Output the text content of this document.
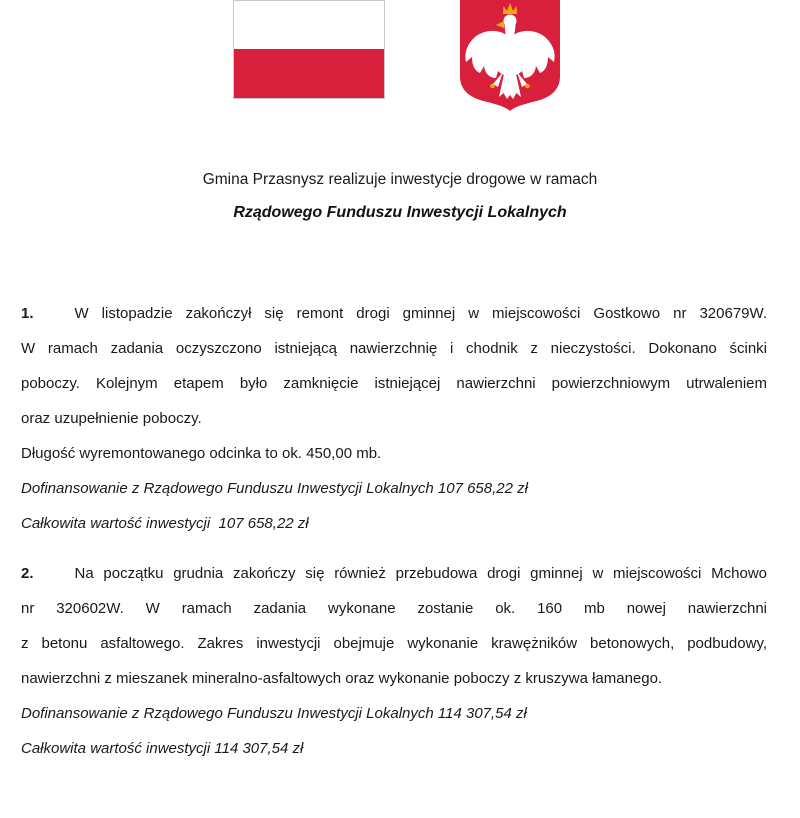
Gmina Przasnysz realizuje inwestycje drogowe w ramach
Rządowego Funduszu Inwestycji Lokalnych
1.	W listopadzie zakończył się remont drogi gminnej w miejscowości Gostkowo nr 320679W.
W ramach zadania oczyszczono istniejącą nawierzchnię i chodnik z nieczystości. Dokonano ścinki
poboczy. Kolejnym etapem było zamknięcie istniejącej nawierzchni powierzchniowym utrwaleniem
oraz uzupełnienie poboczy.
Długość wyremontowanego odcinka to ok. 450,00 mb.
Dofinansowanie z Rządowego Funduszu Inwestycji Lokalnych 107 658,22 zł
Całkowita wartość inwestycji  107 658,22 zł
2.	Na początku grudnia zakończy się również przebudowa drogi gminnej w miejscowości Mchowo
nr 320602W. W ramach zadania wykonane zostanie ok. 160 mb nowej nawierzchni
z betonu asfaltowego. Zakres inwestycji obejmuje wykonanie krawężników betonowych, podbudowy,
nawierzchni z mieszanek mineralno-asfaltowych oraz wykonanie poboczy z kruszywa łamanego.
Dofinansowanie z Rządowego Funduszu Inwestycji Lokalnych 114 307,54 zł
Całkowita wartość inwestycji 114 307,54 zł
